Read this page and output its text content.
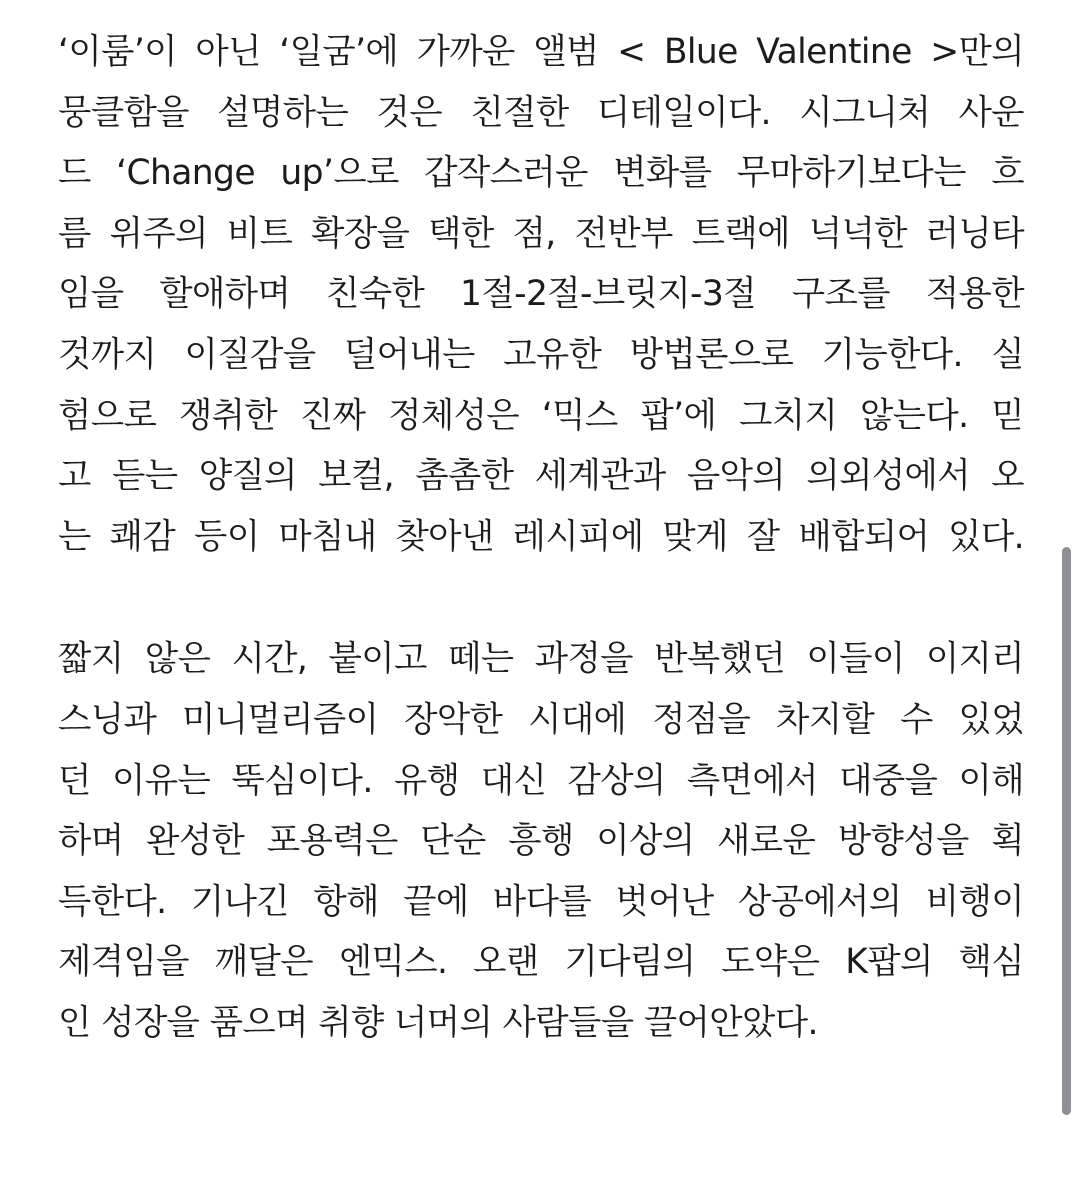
‘이룸’이 아닌 ‘일굼’에 가까운 앨범 < Blue Valentine >만의
뭉클함을 설명하는 것은 친절한 디테일이다. 시그니처 사운
드 ‘Change up’으로 갑작스러운 변화를 무마하기보다는 흐
름 위주의 비트 확장을 택한 점, 전반부 트랙에 넉넉한 러닝타
임을 할애하며 친숙한 1절-2절-브릿지-3절 구조를 적용한
것까지 이질감을 덜어내는 고유한 방법론으로 기능한다. 실
험으로 쟁취한 진짜 정체성은 ‘믹스 팝’에 그치지 않는다. 믿
고 듣는 양질의 보컬, 촘촘한 세계관과 음악의 의외성에서 오
는 쾌감 등이 마침내 찾아낸 레시피에 맞게 잘 배합되어 있다.
짧지 않은 시간, 붙이고 떼는 과정을 반복했던 이들이 이지리
스닝과 미니멀리즘이 장악한 시대에 정점을 차지할 수 있었
던 이유는 뚝심이다. 유행 대신 감상의 측면에서 대중을 이해
하며 완성한 포용력은 단순 흥행 이상의 새로운 방향성을 획
득한다. 기나긴 항해 끝에 바다를 벗어난 상공에서의 비행이
제격임을 깨달은 엔믹스. 오랜 기다림의 도약은 K팝의 핵심
인 성장을 품으며 취향 너머의 사람들을 끌어안았다.
